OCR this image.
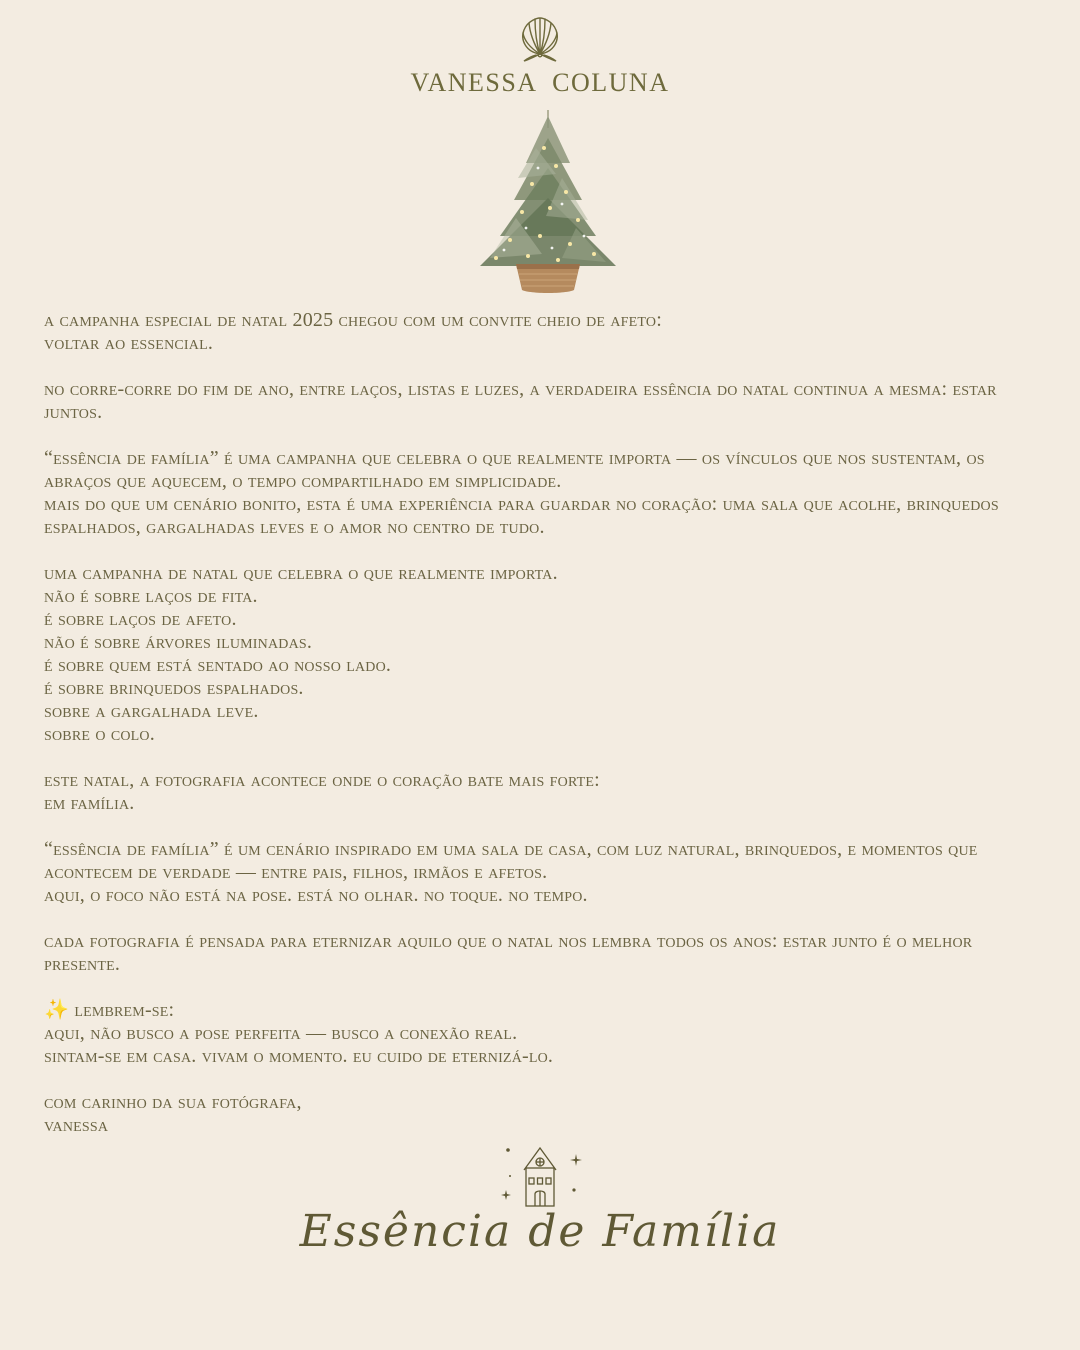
VANESSA COLUNA
a campanha especial de natal 2025 chegou com um convite cheio de afeto:
voltar ao essencial.
no corre-corre do fim de ano, entre laços, listas e luzes, a verdadeira essência do natal continua a mesma: estar juntos.
“essência de família” é uma campanha que celebra o que realmente importa — os vínculos que nos sustentam, os abraços que aquecem, o tempo compartilhado em simplicidade.
mais do que um cenário bonito, esta é uma experiência para guardar no coração: uma sala que acolhe, brinquedos espalhados, gargalhadas leves e o amor no centro de tudo.
uma campanha de natal que celebra o que realmente importa.
não é sobre laços de fita.
é sobre laços de afeto.
não é sobre árvores iluminadas.
é sobre quem está sentado ao nosso lado.
é sobre brinquedos espalhados.
sobre a gargalhada leve.
sobre o colo.
este natal, a fotografia acontece onde o coração bate mais forte:
em família.
“essência de família” é um cenário inspirado em uma sala de casa, com luz natural, brinquedos, e momentos que acontecem de verdade — entre pais, filhos, irmãos e afetos.
aqui, o foco não está na pose. está no olhar. no toque. no tempo.
cada fotografia é pensada para eternizar aquilo que o natal nos lembra todos os anos: estar junto é o melhor presente.
✨ lembrem-se:
aqui, não busco a pose perfeita — busco a conexão real.
sintam-se em casa. vivam o momento. eu cuido de eternizá-lo.
com carinho da sua fotógrafa,
vanessa
Essência de Família
